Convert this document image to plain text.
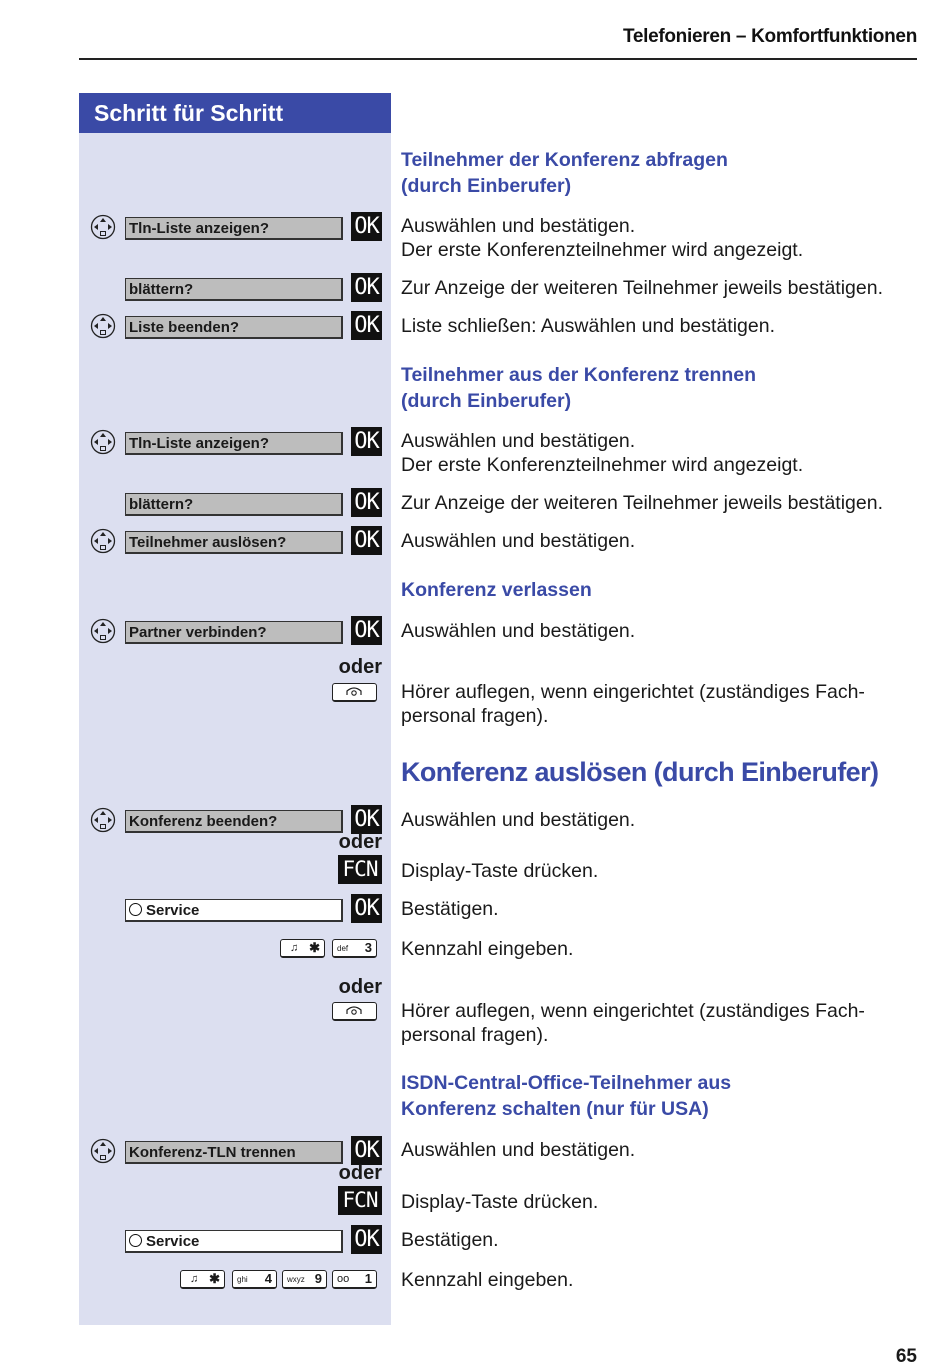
Telefonieren – Komfortfunktionen
Schritt für Schritt
Teilnehmer der Konferenz abfragen
(durch Einberufer)
Tln-Liste anzeigen?	OK Auswählen und bestätigen.
Der erste Konferenzteilnehmer wird angezeigt.
blättern?	OK Zur Anzeige der weiteren Teilnehmer jeweils bestätigen.
Liste beenden?	OK Liste schließen: Auswählen und bestätigen.
Teilnehmer aus der Konferenz trennen
(durch Einberufer)
Tln-Liste anzeigen?	OK Auswählen und bestätigen.
Der erste Konferenzteilnehmer wird angezeigt.
blättern?	OK Zur Anzeige der weiteren Teilnehmer jeweils bestätigen.
Teilnehmer auslösen?	OK Auswählen und bestätigen.
Konferenz verlassen
Partner verbinden?	OK Auswählen und bestätigen.
oder
Hörer auflegen, wenn eingerichtet (zuständiges Fach-
personal fragen).
Konferenz auslösen (durch Einberufer)
Konferenz beenden?	OK Auswählen und bestätigen.
oder
FCN Display-Taste drücken.
Service	OK Bestätigen.
♫ ✱	def 3 Kennzahl eingeben.
oder
Hörer auflegen, wenn eingerichtet (zuständiges Fach-
personal fragen).
ISDN-Central-Office-Teilnehmer aus
Konferenz schalten (nur für USA)
Konferenz-TLN trennen	OK Auswählen und bestätigen.
oder
FCN Display-Taste drücken.
Service	OK Bestätigen.
♫ ✱	ghi 4	wxyz 9	oo 1 Kennzahl eingeben.
65
